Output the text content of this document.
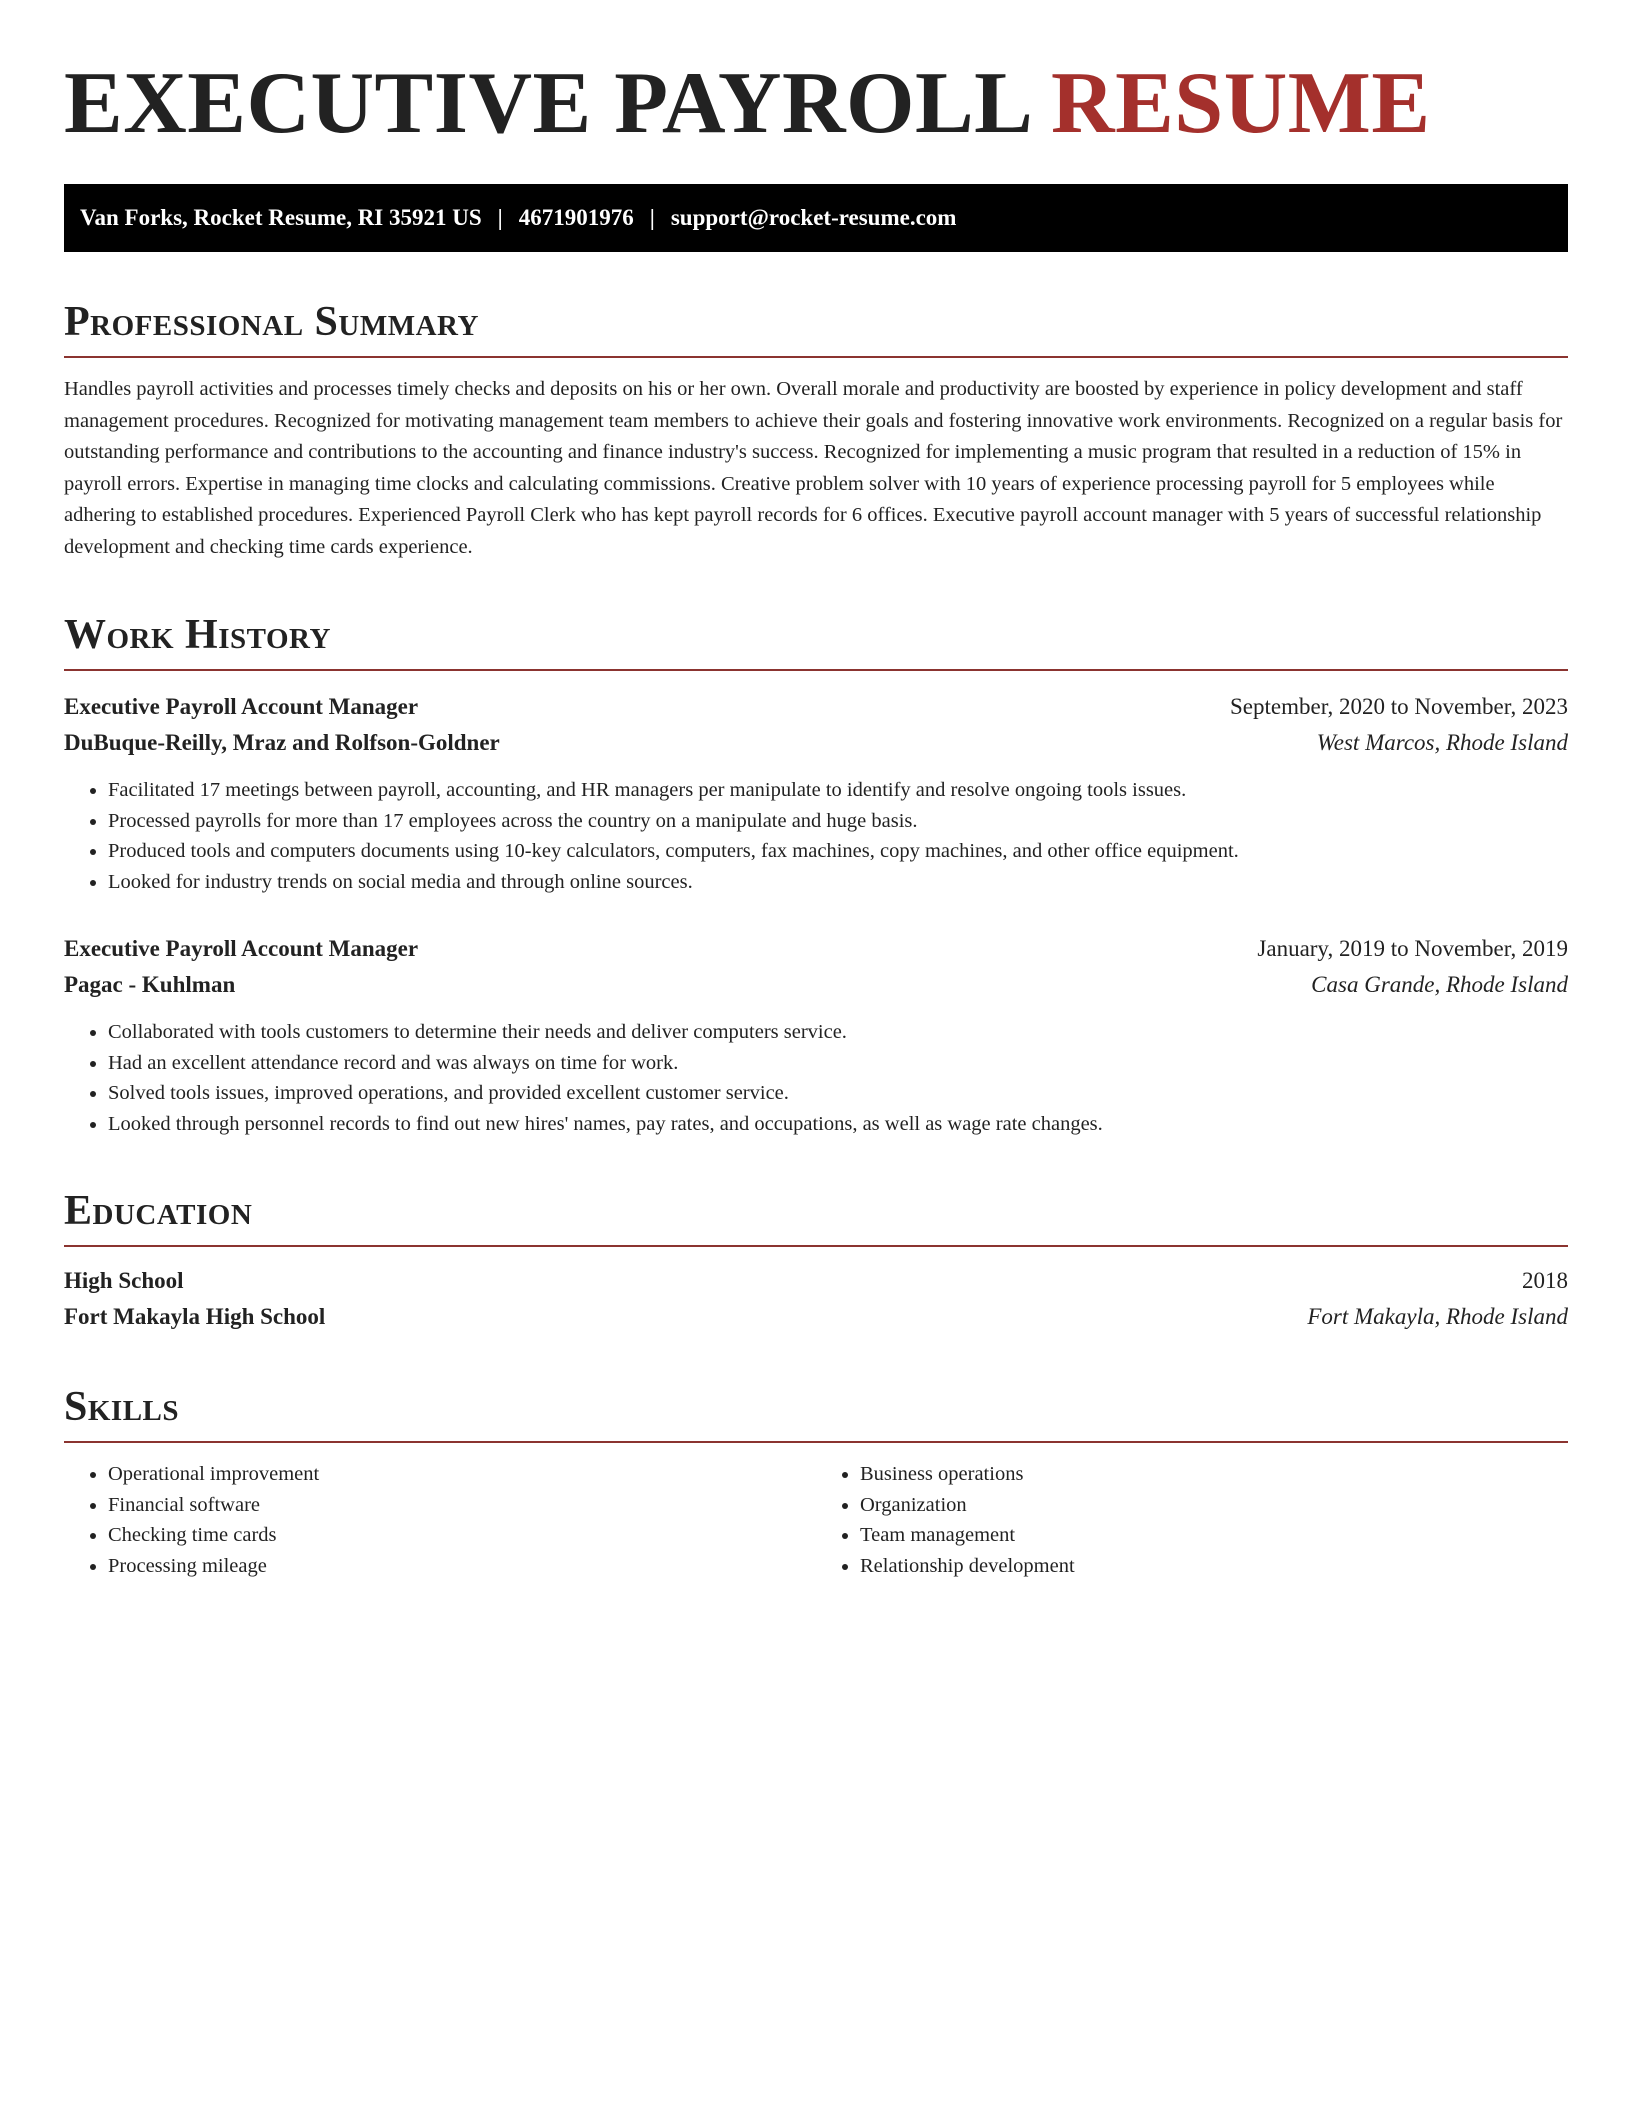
EXECUTIVE PAYROLL RESUME
Van Forks, Rocket Resume, RI 35921 US | 4671901976 | support@rocket-resume.com
Professional Summary

Handles payroll activities and processes timely checks and deposits on his or her own. Overall morale and productivity are boosted by experience in policy development and staff management procedures. Recognized for motivating management team members to achieve their goals and fostering innovative work environments. Recognized on a regular basis for outstanding performance and contributions to the accounting and finance industry's success. Recognized for implementing a music program that resulted in a reduction of 15% in payroll errors. Expertise in managing time clocks and calculating commissions. Creative problem solver with 10 years of experience processing payroll for 5 employees while adhering to established procedures. Experienced Payroll Clerk who has kept payroll records for 6 offices. Executive payroll account manager with 5 years of successful relationship development and checking time cards experience.

Work History
Executive Payroll Account Manager	September, 2020 to November, 2023
DuBuque-Reilly, Mraz and Rolfson-Goldner	West Marcos, Rhode Island
• Facilitated 17 meetings between payroll, accounting, and HR managers per manipulate to identify and resolve ongoing tools issues.
• Processed payrolls for more than 17 employees across the country on a manipulate and huge basis.
• Produced tools and computers documents using 10-key calculators, computers, fax machines, copy machines, and other office equipment.
• Looked for industry trends on social media and through online sources.
Executive Payroll Account Manager	January, 2019 to November, 2019
Pagac - Kuhlman	Casa Grande, Rhode Island
• Collaborated with tools customers to determine their needs and deliver computers service.
• Had an excellent attendance record and was always on time for work.
• Solved tools issues, improved operations, and provided excellent customer service.
• Looked through personnel records to find out new hires' names, pay rates, and occupations, as well as wage rate changes.
Education
High School	2018
Fort Makayla High School	Fort Makayla, Rhode Island
Skills
• Operational improvement
• Financial software
• Checking time cards
• Processing mileage
• Business operations
• Organization
• Team management
• Relationship development
